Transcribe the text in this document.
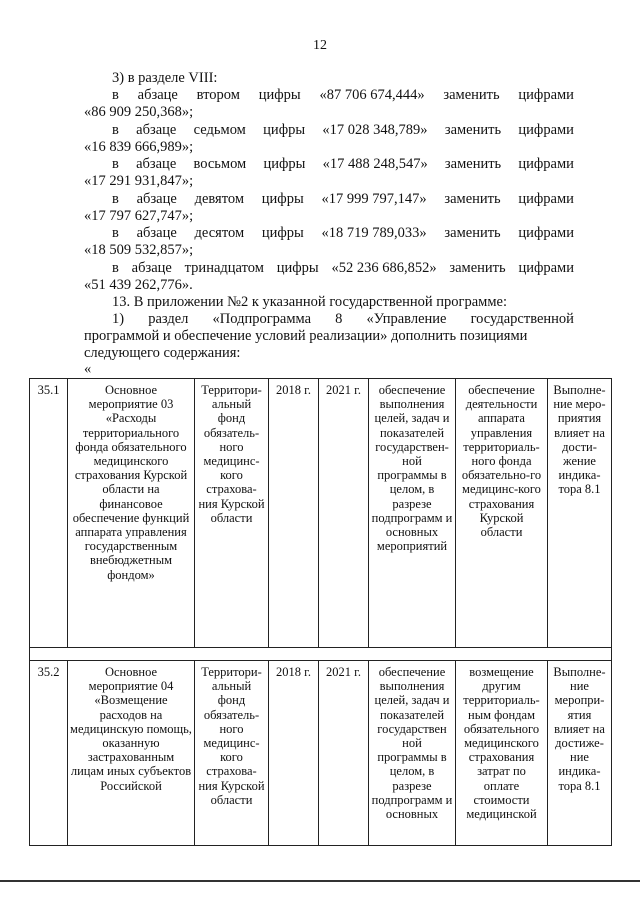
12
3) в разделе VIII:
в абзаце втором цифры «87 706 674,444» заменить цифрами
«86 909 250,368»;
в абзаце седьмом цифры «17 028 348,789» заменить цифрами
«16 839 666,989»;
в абзаце восьмом цифры «17 488 248,547» заменить цифрами
«17 291 931,847»;
в абзаце девятом цифры «17 999 797,147» заменить цифрами
«17 797 627,747»;
в абзаце десятом цифры «18 719 789,033» заменить цифрами
«18 509 532,857»;
в абзаце тринадцатом цифры «52 236 686,852» заменить цифрами
«51 439 262,776».
13. В приложении №2 к указанной государственной программе:
1) раздел «Подпрограмма 8 «Управление государственной
программой и обеспечение условий реализации» дополнить позициями
следующего содержания:
«
35.1	Основное мероприятие 03 «Расходы территориального фонда обязательного медицинского страхования Курской области на финансовое обеспечение функций аппарата управления государственным внебюджетным фондом»	Территори-альный фонд обязатель-ного медицинс-кого страхова-ния Курской области	2018 г.	2021 г.	обеспечение выполнения целей, задач и показателей государствен-ной программы в целом, в разрезе подпрограмм и основных мероприятий	обеспечение деятельности аппарата управления территориаль-ного фонда обязательно-го медицинс-кого страхования Курской области	Выполне-ние меро-приятия влияет на дости-жение индика-тора 8.1

35.2	Основное мероприятие 04 «Возмещение расходов на медицинскую помощь, оказанную застрахованным лицам иных субъектов Российской	Территори-альный фонд обязатель-ного медицинс-кого страхова-ния Курской области	2018 г.	2021 г.	обеспечение выполнения целей, задач и показателей государствен ной программы в целом, в разрезе подпрограмм и основных	возмещение другим территориаль-ным фондам обязательного медицинского страхования затрат по оплате стоимости медицинской	Выполне-ние меропри-ятия влияет на достиже-ние индика-тора 8.1
